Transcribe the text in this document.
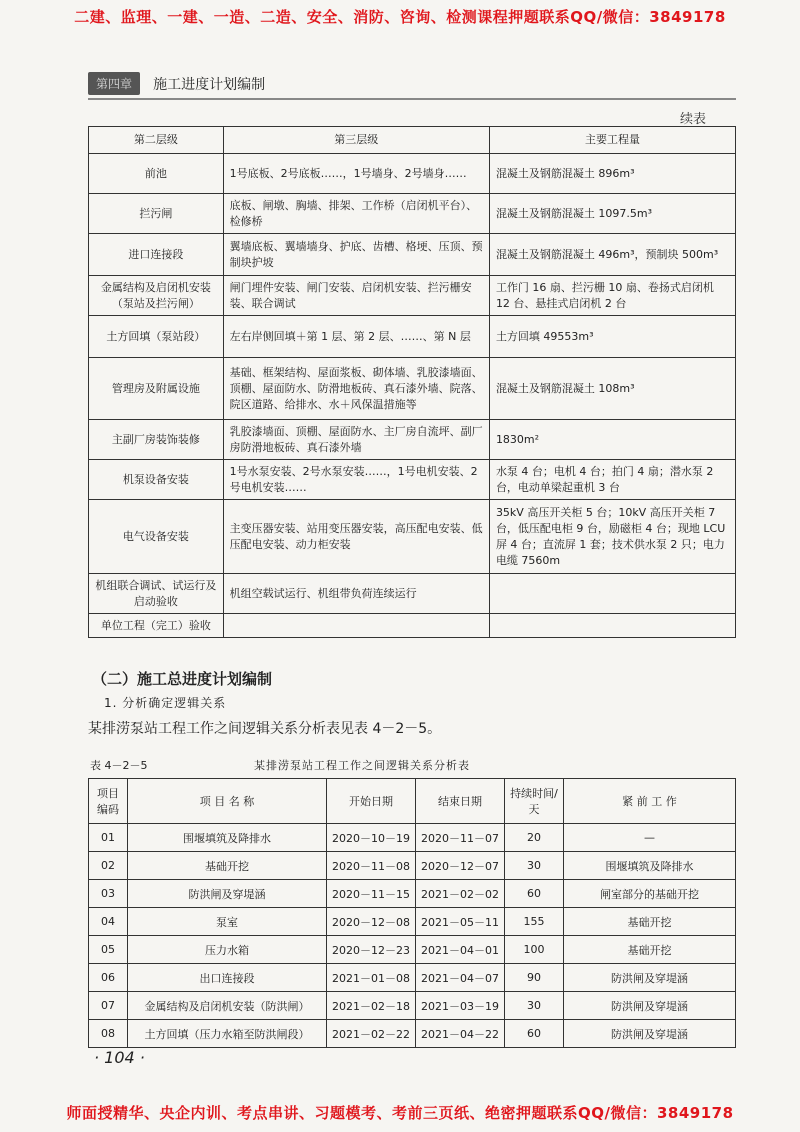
二建、监理、一建、一造、二造、安全、消防、咨询、检测课程押题联系QQ/微信：3849178
第四章 施工进度计划编制
续表
第二层级	第三层级	主要工程量
前池	1号底板、2号底板……，1号墙身、2号墙身……	混凝土及钢筋混凝土 896m³
拦污闸	底板、闸墩、胸墙、排架、工作桥（启闭机平台）、检修桥	混凝土及钢筋混凝土 1097.5m³
进口连接段	翼墙底板、翼墙墙身、护底、齿槽、格埂、压顶、预制块护坡	混凝土及钢筋混凝土 496m³，预制块 500m³
金属结构及启闭机安装（泵站及拦污闸）	闸门埋件安装、闸门安装、启闭机安装、拦污栅安装、联合调试	工作门 16 扇、拦污栅 10 扇、卷扬式启闭机 12 台、悬挂式启闭机 2 台
土方回填（泵站段）	左右岸侧回填＋第 1 层、第 2 层、……、第 N 层	土方回填 49553m³
管理房及附属设施	基础、框架结构、屋面浆板、砌体墙、乳胶漆墙面、顶棚、屋面防水、防滑地板砖、真石漆外墙、院落、院区道路、给排水、水＋风保温措施等	混凝土及钢筋混凝土 108m³
主副厂房装饰装修	乳胶漆墙面、顶棚、屋面防水、主厂房自流坪、副厂房防滑地板砖、真石漆外墙	1830m²
机泵设备安装	1号水泵安装、2号水泵安装……，1号电机安装、2号电机安装……	水泵 4 台；电机 4 台；拍门 4 扇；潜水泵 2 台，电动单梁起重机 3 台
电气设备安装	主变压器安装、站用变压器安装，高压配电安装、低压配电安装、动力柜安装	35kV 高压开关柜 5 台；10kV 高压开关柜 7 台，低压配电柜 9 台，励磁柜 4 台；现地 LCU 屏 4 台；直流屏 1 套；技术供水泵 2 只；电力电缆 7560m
机组联合调试、试运行及启动验收	机组空载试运行、机组带负荷连续运行	
单位工程（完工）验收		
（二）施工总进度计划编制
1. 分析确定逻辑关系
某排涝泵站工程工作之间逻辑关系分析表见表 4－2－5。
表 4－2－5	某排涝泵站工程工作之间逻辑关系分析表
项目编码	项 目 名 称	开始日期	结束日期	持续时间/天	紧 前 工 作
01	围堰填筑及降排水	2020－10－19	2020－11－07	20	—
02	基础开挖	2020－11－08	2020－12－07	30	围堰填筑及降排水
03	防洪闸及穿堤涵	2020－11－15	2021－02－02	60	闸室部分的基础开挖
04	泵室	2020－12－08	2021－05－11	155	基础开挖
05	压力水箱	2020－12－23	2021－04－01	100	基础开挖
06	出口连接段	2021－01－08	2021－04－07	90	防洪闸及穿堤涵
07	金属结构及启闭机安装（防洪闸）	2021－02－18	2021－03－19	30	防洪闸及穿堤涵
08	土方回填（压力水箱至防洪闸段）	2021－02－22	2021－04－22	60	防洪闸及穿堤涵
· 104 ·
师面授精华、央企内训、考点串讲、习题模考、考前三页纸、绝密押题联系QQ/微信：3849178
